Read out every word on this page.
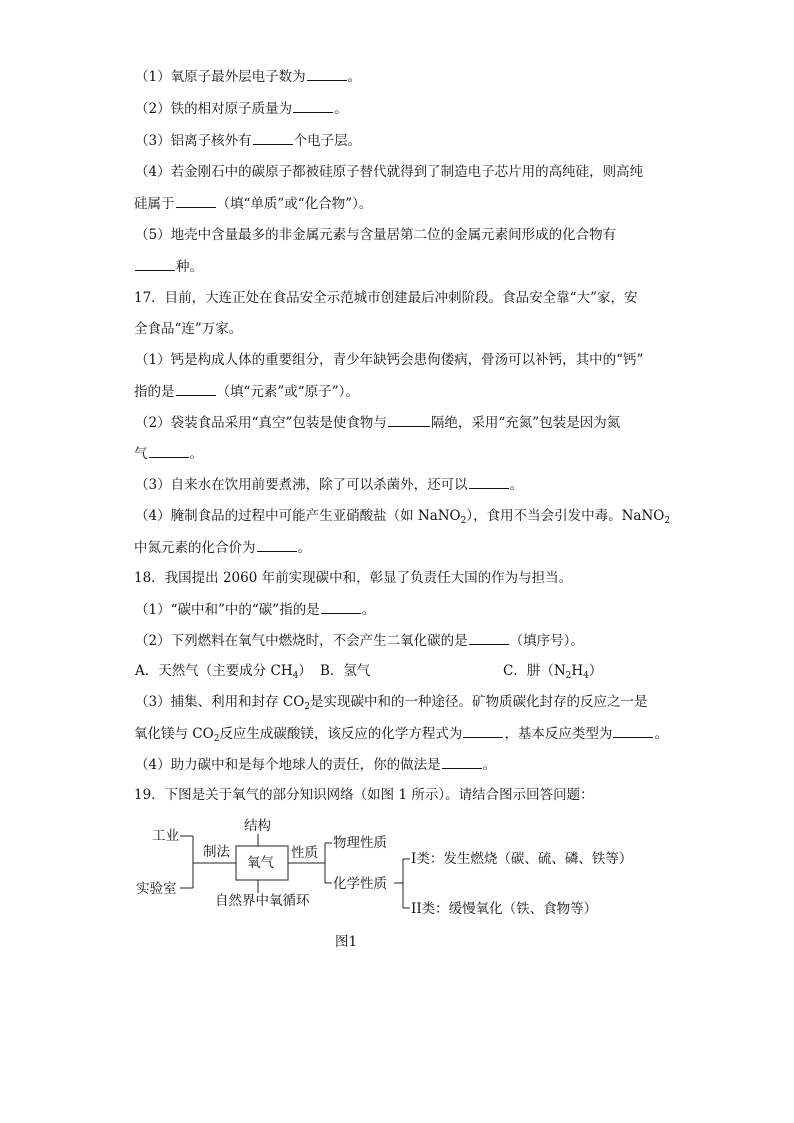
（1）氧原子最外层电子数为	。
（2）铁的相对原子质量为	。
（3）铝离子核外有	个电子层。
（4）若金刚石中的碳原子都被硅原子替代就得到了制造电子芯片用的高纯硅，则高纯
硅属于	（填“单质”或“化合物”）。
（5）地壳中含量最多的非金属元素与含量居第二位的金属元素间形成的化合物有
种。
17．目前，大连正处在食品安全示范城市创建最后冲刺阶段。食品安全靠“大”家，安
全食品“连”万家。
（1）钙是构成人体的重要组分，青少年缺钙会患佝偻病，骨汤可以补钙，其中的“钙”
指的是	（填“元素”或“原子”）。
（2）袋装食品采用“真空”包装是使食物与	隔绝，采用“充氮”包装是因为氮
气	。
（3）自来水在饮用前要煮沸，除了可以杀菌外，还可以	。
（4）腌制食品的过程中可能产生亚硝酸盐（如 NaNO$_2$），食用不当会引发中毒。NaNO$_2$
中氮元素的化合价为	。
18．我国提出 2060 年前实现碳中和，彰显了负责任大国的作为与担当。
（1）“碳中和”中的“碳”指的是	。
（2）下列燃料在氧气中燃烧时，不会产生二氧化碳的是	（填序号）。
A．天然气（主要成分 $CH_4$） B．氢气	C．肼$(N_2H_4)$
（3）捕集、利用和封存 $CO_2$是实现碳中和的一种途径。矿物质碳化封存的反应之一是
氧化镁与 $CO_2$反应生成碳酸镁，该反应的化学方程式为	，基本反应类型为	。
（4）助力碳中和是每个地球人的责任，你的做法是	。
19．下图是关于氧气的部分知识网络（如图 1 所示）。请结合图示回答问题：
工业
实验室
制法
结构
氧气
性质
自然界中氧循环
物理性质
化学性质
I类：发生燃烧（碳、硫、磷、铁等）
II类：缓慢氧化（铁、食物等）
图1
